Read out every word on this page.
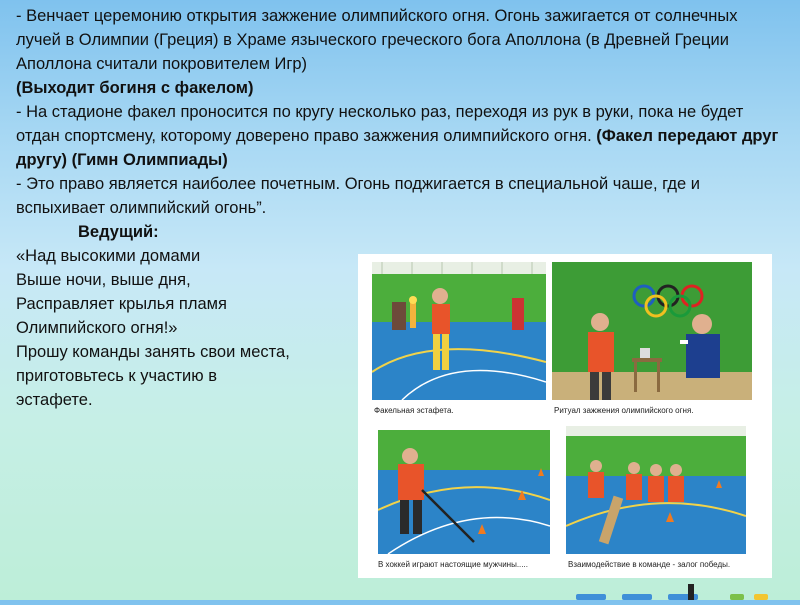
- Венчает церемонию открытия зажжение олимпийского огня. Огонь зажигается от солнечных лучей в Олимпии (Греция) в Храме языческого греческого бога Аполлона (в Древней Греции Аполлона считали покровителем Игр)

(Выходит богиня с факелом)

- На стадионе факел проносится по кругу несколько раз, переходя из рук в руки, пока не будет отдан спортсмену, которому доверено право зажжения олимпийского огня. (Факел передают друг другу) (Гимн Олимпиады)

- Это право является наиболее почетным. Огонь поджигается в специальной чаше, где и вспыхивает олимпийский огонь”.

Ведущий:

«Над высокими домами

Выше ночи, выше дня,

Расправляет крылья пламя

Олимпийского огня!»

Прошу команды занять свои места,

приготовьтесь к участию в

эстафете.

Факельная эстафета.	Ритуал зажжения олимпийского огня.
В хоккей играют настоящие мужчины.....	Взаимодействие в команде - залог победы.
